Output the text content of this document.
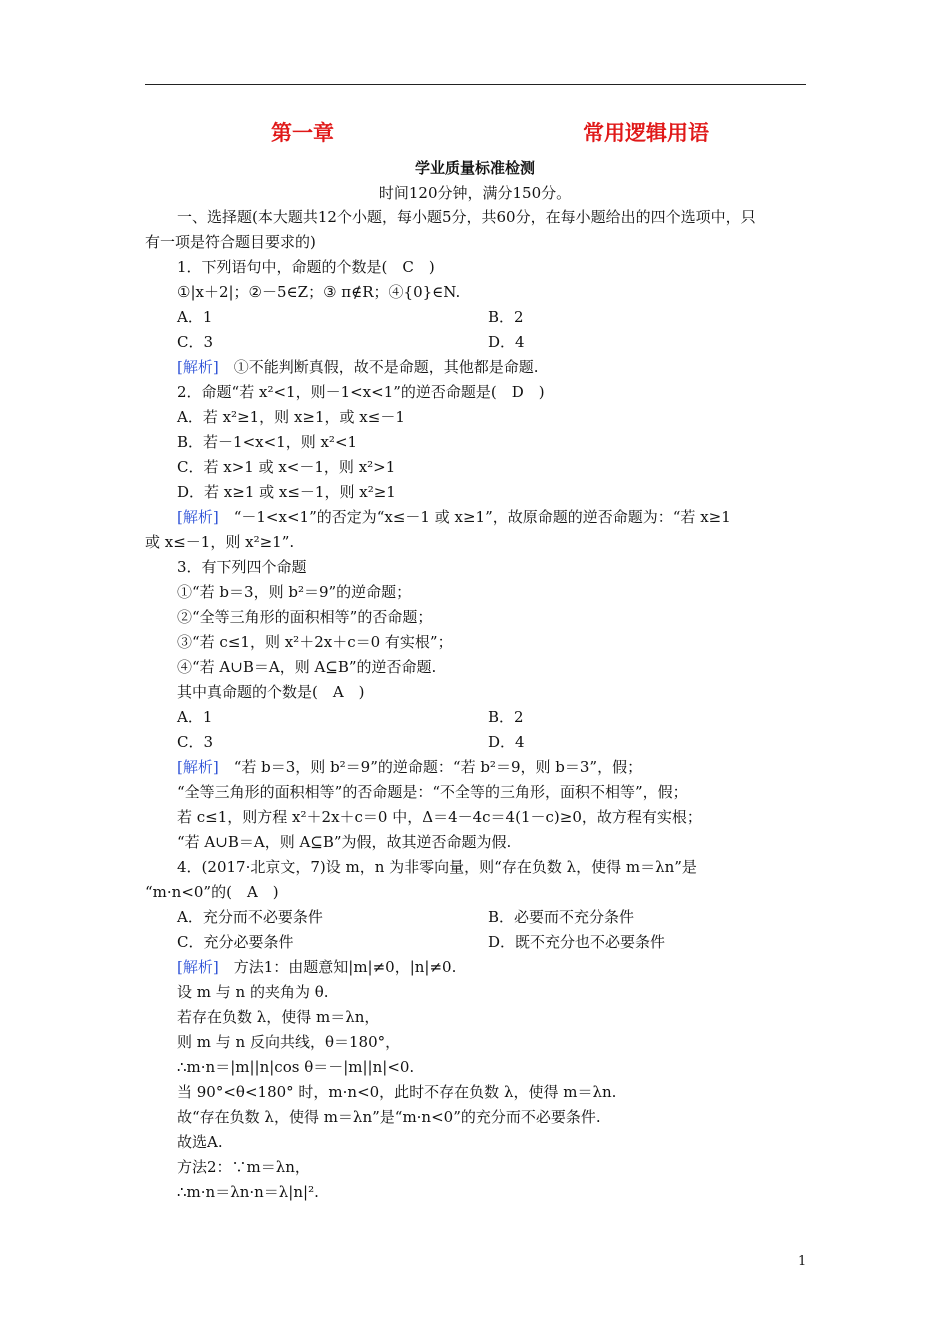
第一章	常用逻辑用语
学业质量标准检测
时间120分钟，满分150分。
一、选择题(本大题共12个小题，每小题5分，共60分，在每小题给出的四个选项中，只
有一项是符合题目要求的)
1．下列语句中，命题的个数是(　C　)
①|x＋2|；②－5∈Z；③ π∉R；④{0}∈N.
A．1	B．2
C．3	D．4
[解析]　①不能判断真假，故不是命题，其他都是命题.
2．命题“若 x²<1，则－1<x<1”的逆否命题是(　D　)
A．若 x²≥1，则 x≥1，或 x≤－1
B．若－1<x<1，则 x²<1
C．若 x>1 或 x<－1，则 x²>1
D．若 x≥1 或 x≤－1，则 x²≥1
[解析]　“－1<x<1”的否定为“x≤－1 或 x≥1”，故原命题的逆否命题为：“若 x≥1
或 x≤－1，则 x²≥1”.
3．有下列四个命题
①“若 b＝3，则 b²＝9”的逆命题；
②“全等三角形的面积相等”的否命题；
③“若 c≤1，则 x²＋2x＋c＝0 有实根”；
④“若 A∪B＝A，则 A⊆B”的逆否命题.
其中真命题的个数是(　A　)
A．1	B．2
C．3	D．4
[解析]　“若 b＝3，则 b²＝9”的逆命题：“若 b²＝9，则 b＝3”，假；
“全等三角形的面积相等”的否命题是：“不全等的三角形，面积不相等”，假；
若 c≤1，则方程 x²＋2x＋c＝0 中，Δ＝4－4c＝4(1－c)≥0，故方程有实根；
“若 A∪B＝A，则 A⊆B”为假，故其逆否命题为假.
4．(2017·北京文，7)设 m，n 为非零向量，则“存在负数 λ，使得 m＝λn”是
“m·n<0”的(　A　)
A．充分而不必要条件	B．必要而不充分条件
C．充分必要条件	D．既不充分也不必要条件
[解析]　方法1：由题意知|m|≠0，|n|≠0.
设 m 与 n 的夹角为 θ.
若存在负数 λ，使得 m＝λn，
则 m 与 n 反向共线，θ＝180°，
∴m·n＝|m||n|cos θ＝－|m||n|<0.
当 90°<θ<180° 时，m·n<0，此时不存在负数 λ，使得 m＝λn.
故“存在负数 λ，使得 m＝λn”是“m·n<0”的充分而不必要条件.
故选A.
方法2：∵m＝λn，
∴m·n＝λn·n＝λ|n|².
1
